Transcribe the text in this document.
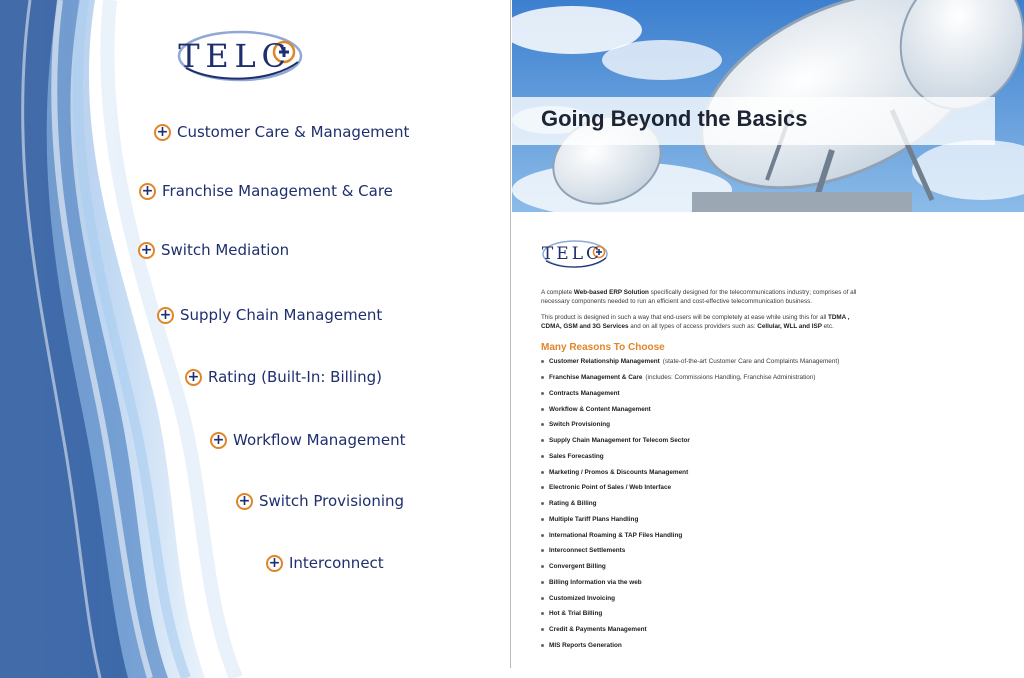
TELC
+ Customer Care & Management
+ Franchise Management & Care
+ Switch Mediation
+ Supply Chain Management
+ Rating (Built-In: Billing)
+ Workflow Management
+ Switch Provisioning
+ Interconnect
Going Beyond the Basics
TELC

A complete Web-based ERP Solution specifically designed for the telecommunications industry; comprises of all necessary components needed to run an efficient and cost-effective telecommunication business.

This product is designed in such a way that end-users will be completely at ease while using this for all TDMA , CDMA, GSM and 3G Services and on all types of access providers such as: Cellular, WLL and ISP etc.

Many Reasons To Choose
Customer Relationship Management (state-of-the-art Customer Care and Complaints Management)
Franchise Management & Care (includes: Commissions Handling, Franchise Administration)
Contracts Management
Workflow & Content Management
Switch Provisioning
Supply Chain Management for Telecom Sector
Sales Forecasting
Marketing / Promos & Discounts Management
Electronic Point of Sales / Web Interface
Rating & Billing
Multiple Tariff Plans Handling
International Roaming & TAP Files Handling
Interconnect Settlements
Convergent Billing
Billing Information via the web
Customized Invoicing
Hot & Trial Billing
Credit & Payments Management
MIS Reports Generation
